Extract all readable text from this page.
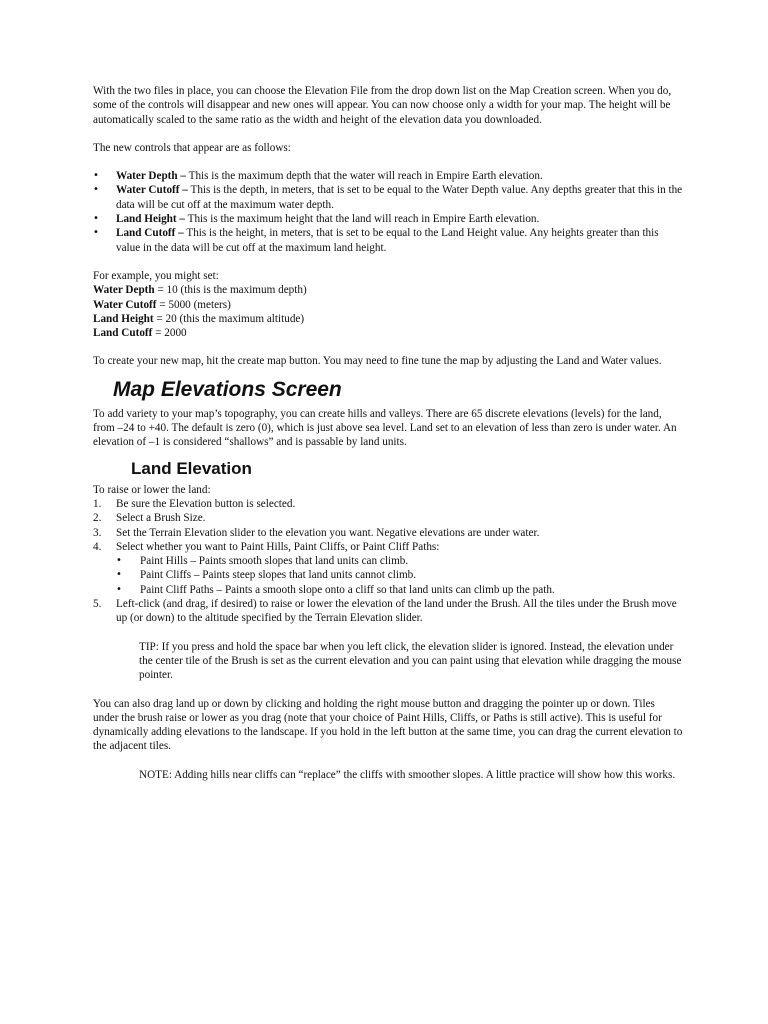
With the two files in place, you can choose the Elevation File from the drop down list on the Map Creation screen. When you do, some of the controls will disappear and new ones will appear. You can now choose only a width for your map. The height will be automatically scaled to the same ratio as the width and height of the elevation data you downloaded.

The new controls that appear are as follows:

• Water Depth – This is the maximum depth that the water will reach in Empire Earth elevation.
• Water Cutoff – This is the depth, in meters, that is set to be equal to the Water Depth value. Any depths greater that this in the data will be cut off at the maximum water depth.
• Land Height – This is the maximum height that the land will reach in Empire Earth elevation.
• Land Cutoff – This is the height, in meters, that is set to be equal to the Land Height value. Any heights greater than this value in the data will be cut off at the maximum land height.

For example, you might set:

Water Depth = 10 (this is the maximum depth)

Water Cutoff = 5000 (meters)

Land Height = 20 (this the maximum altitude)

Land Cutoff = 2000

To create your new map, hit the create map button. You may need to fine tune the map by adjusting the Land and Water values.

Map Elevations Screen

To add variety to your map’s topography, you can create hills and valleys. There are 65 discrete elevations (levels) for the land, from –24 to +40. The default is zero (0), which is just above sea level. Land set to an elevation of less than zero is under water. An elevation of –1 is considered “shallows” and is passable by land units.

Land Elevation

To raise or lower the land:

1. Be sure the Elevation button is selected.
2. Select a Brush Size.
3. Set the Terrain Elevation slider to the elevation you want. Negative elevations are under water.
4. Select whether you want to Paint Hills, Paint Cliffs, or Paint Cliff Paths:
• Paint Hills – Paints smooth slopes that land units can climb.
• Paint Cliffs – Paints steep slopes that land units cannot climb.
• Paint Cliff Paths – Paints a smooth slope onto a cliff so that land units can climb up the path.
5. Left-click (and drag, if desired) to raise or lower the elevation of the land under the Brush. All the tiles under the Brush move up (or down) to the altitude specified by the Terrain Elevation slider.

TIP: If you press and hold the space bar when you left click, the elevation slider is ignored. Instead, the elevation under the center tile of the Brush is set as the current elevation and you can paint using that elevation while dragging the mouse pointer.

You can also drag land up or down by clicking and holding the right mouse button and dragging the pointer up or down. Tiles under the brush raise or lower as you drag (note that your choice of Paint Hills, Cliffs, or Paths is still active). This is useful for dynamically adding elevations to the landscape. If you hold in the left button at the same time, you can drag the current elevation to the adjacent tiles.

NOTE: Adding hills near cliffs can “replace” the cliffs with smoother slopes. A little practice will show how this works.
